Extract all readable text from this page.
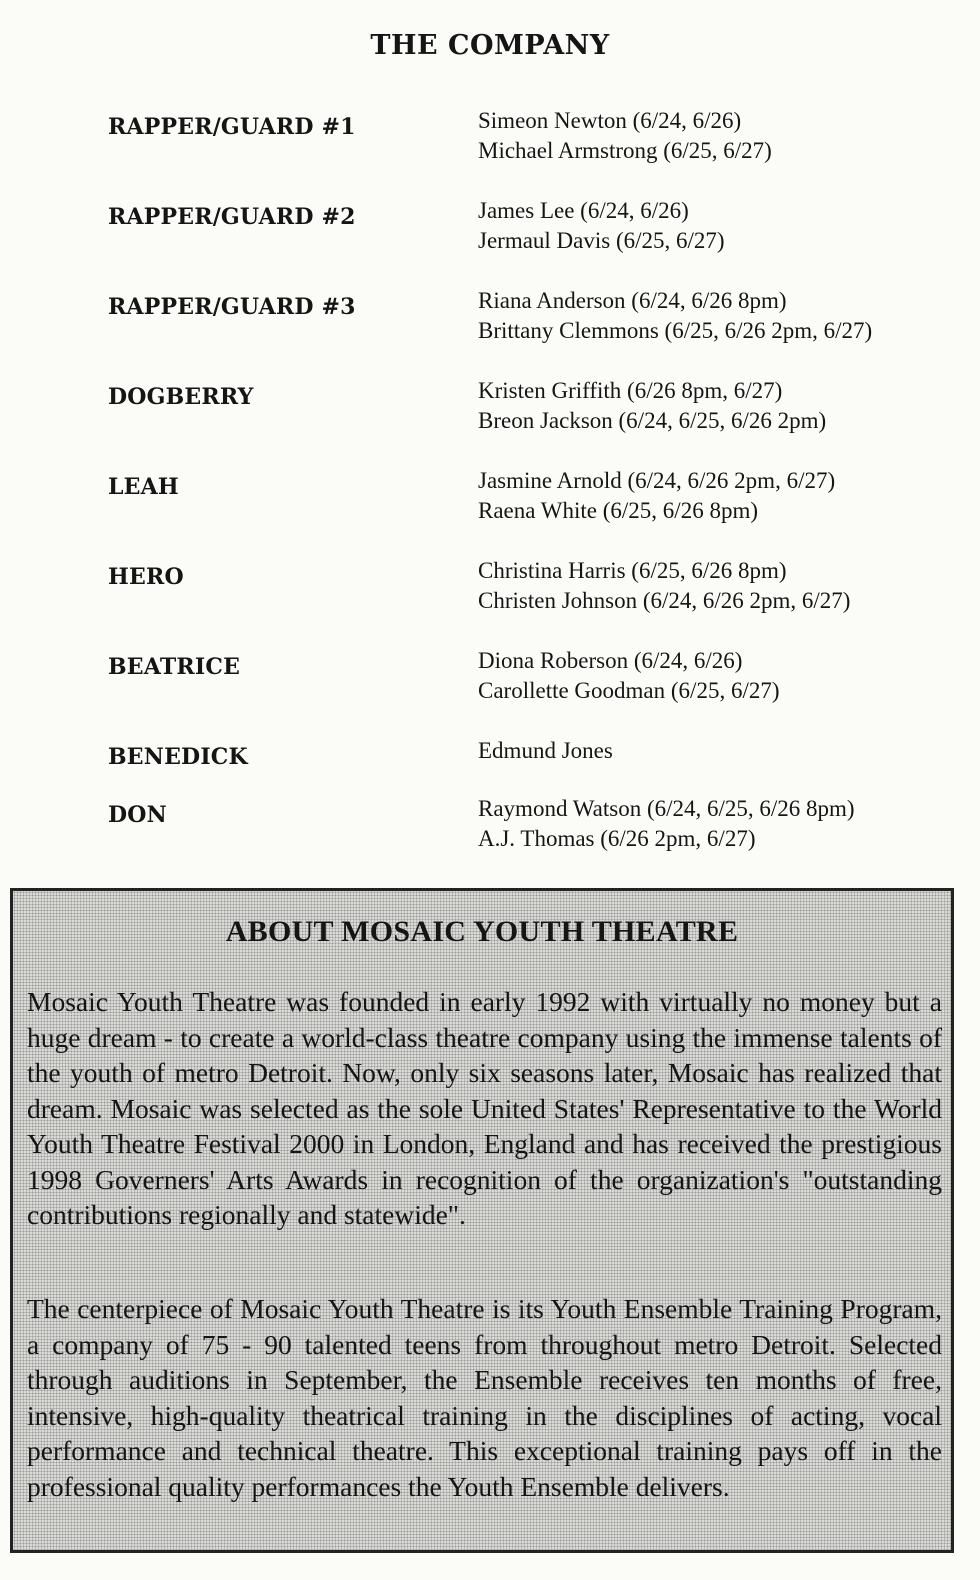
THE COMPANY
RAPPER/GUARD #1	Simeon Newton (6/24, 6/26)
Michael Armstrong (6/25, 6/27)
RAPPER/GUARD #2	James Lee (6/24, 6/26)
Jermaul Davis (6/25, 6/27)
RAPPER/GUARD #3	Riana Anderson (6/24, 6/26 8pm)
Brittany Clemmons (6/25, 6/26 2pm, 6/27)
DOGBERRY	Kristen Griffith (6/26 8pm, 6/27)
Breon Jackson (6/24, 6/25, 6/26 2pm)
LEAH	Jasmine Arnold (6/24, 6/26 2pm, 6/27)
Raena White (6/25, 6/26 8pm)
HERO	Christina Harris (6/25, 6/26 8pm)
Christen Johnson (6/24, 6/26 2pm, 6/27)
BEATRICE	Diona Roberson (6/24, 6/26)
Carollette Goodman (6/25, 6/27)
BENEDICK	Edmund Jones
DON	Raymond Watson (6/24, 6/25, 6/26 8pm)
A.J. Thomas (6/26 2pm, 6/27)
ABOUT MOSAIC YOUTH THEATRE

Mosaic Youth Theatre was founded in early 1992 with virtually no money but a huge dream - to create a world-class theatre company using the immense talents of the youth of metro Detroit. Now, only six seasons later, Mosaic has realized that dream. Mosaic was selected as the sole United States' Representative to the World Youth Theatre Festival 2000 in London, England and has received the prestigious 1998 Governers' Arts Awards in recognition of the organization's "outstanding contributions regionally and statewide".

The centerpiece of Mosaic Youth Theatre is its Youth Ensemble Training Program, a company of 75 - 90 talented teens from throughout metro Detroit. Selected through auditions in September, the Ensemble receives ten months of free, intensive, high-quality theatrical training in the disciplines of acting, vocal performance and technical theatre. This exceptional training pays off in the professional quality performances the Youth Ensemble delivers.
